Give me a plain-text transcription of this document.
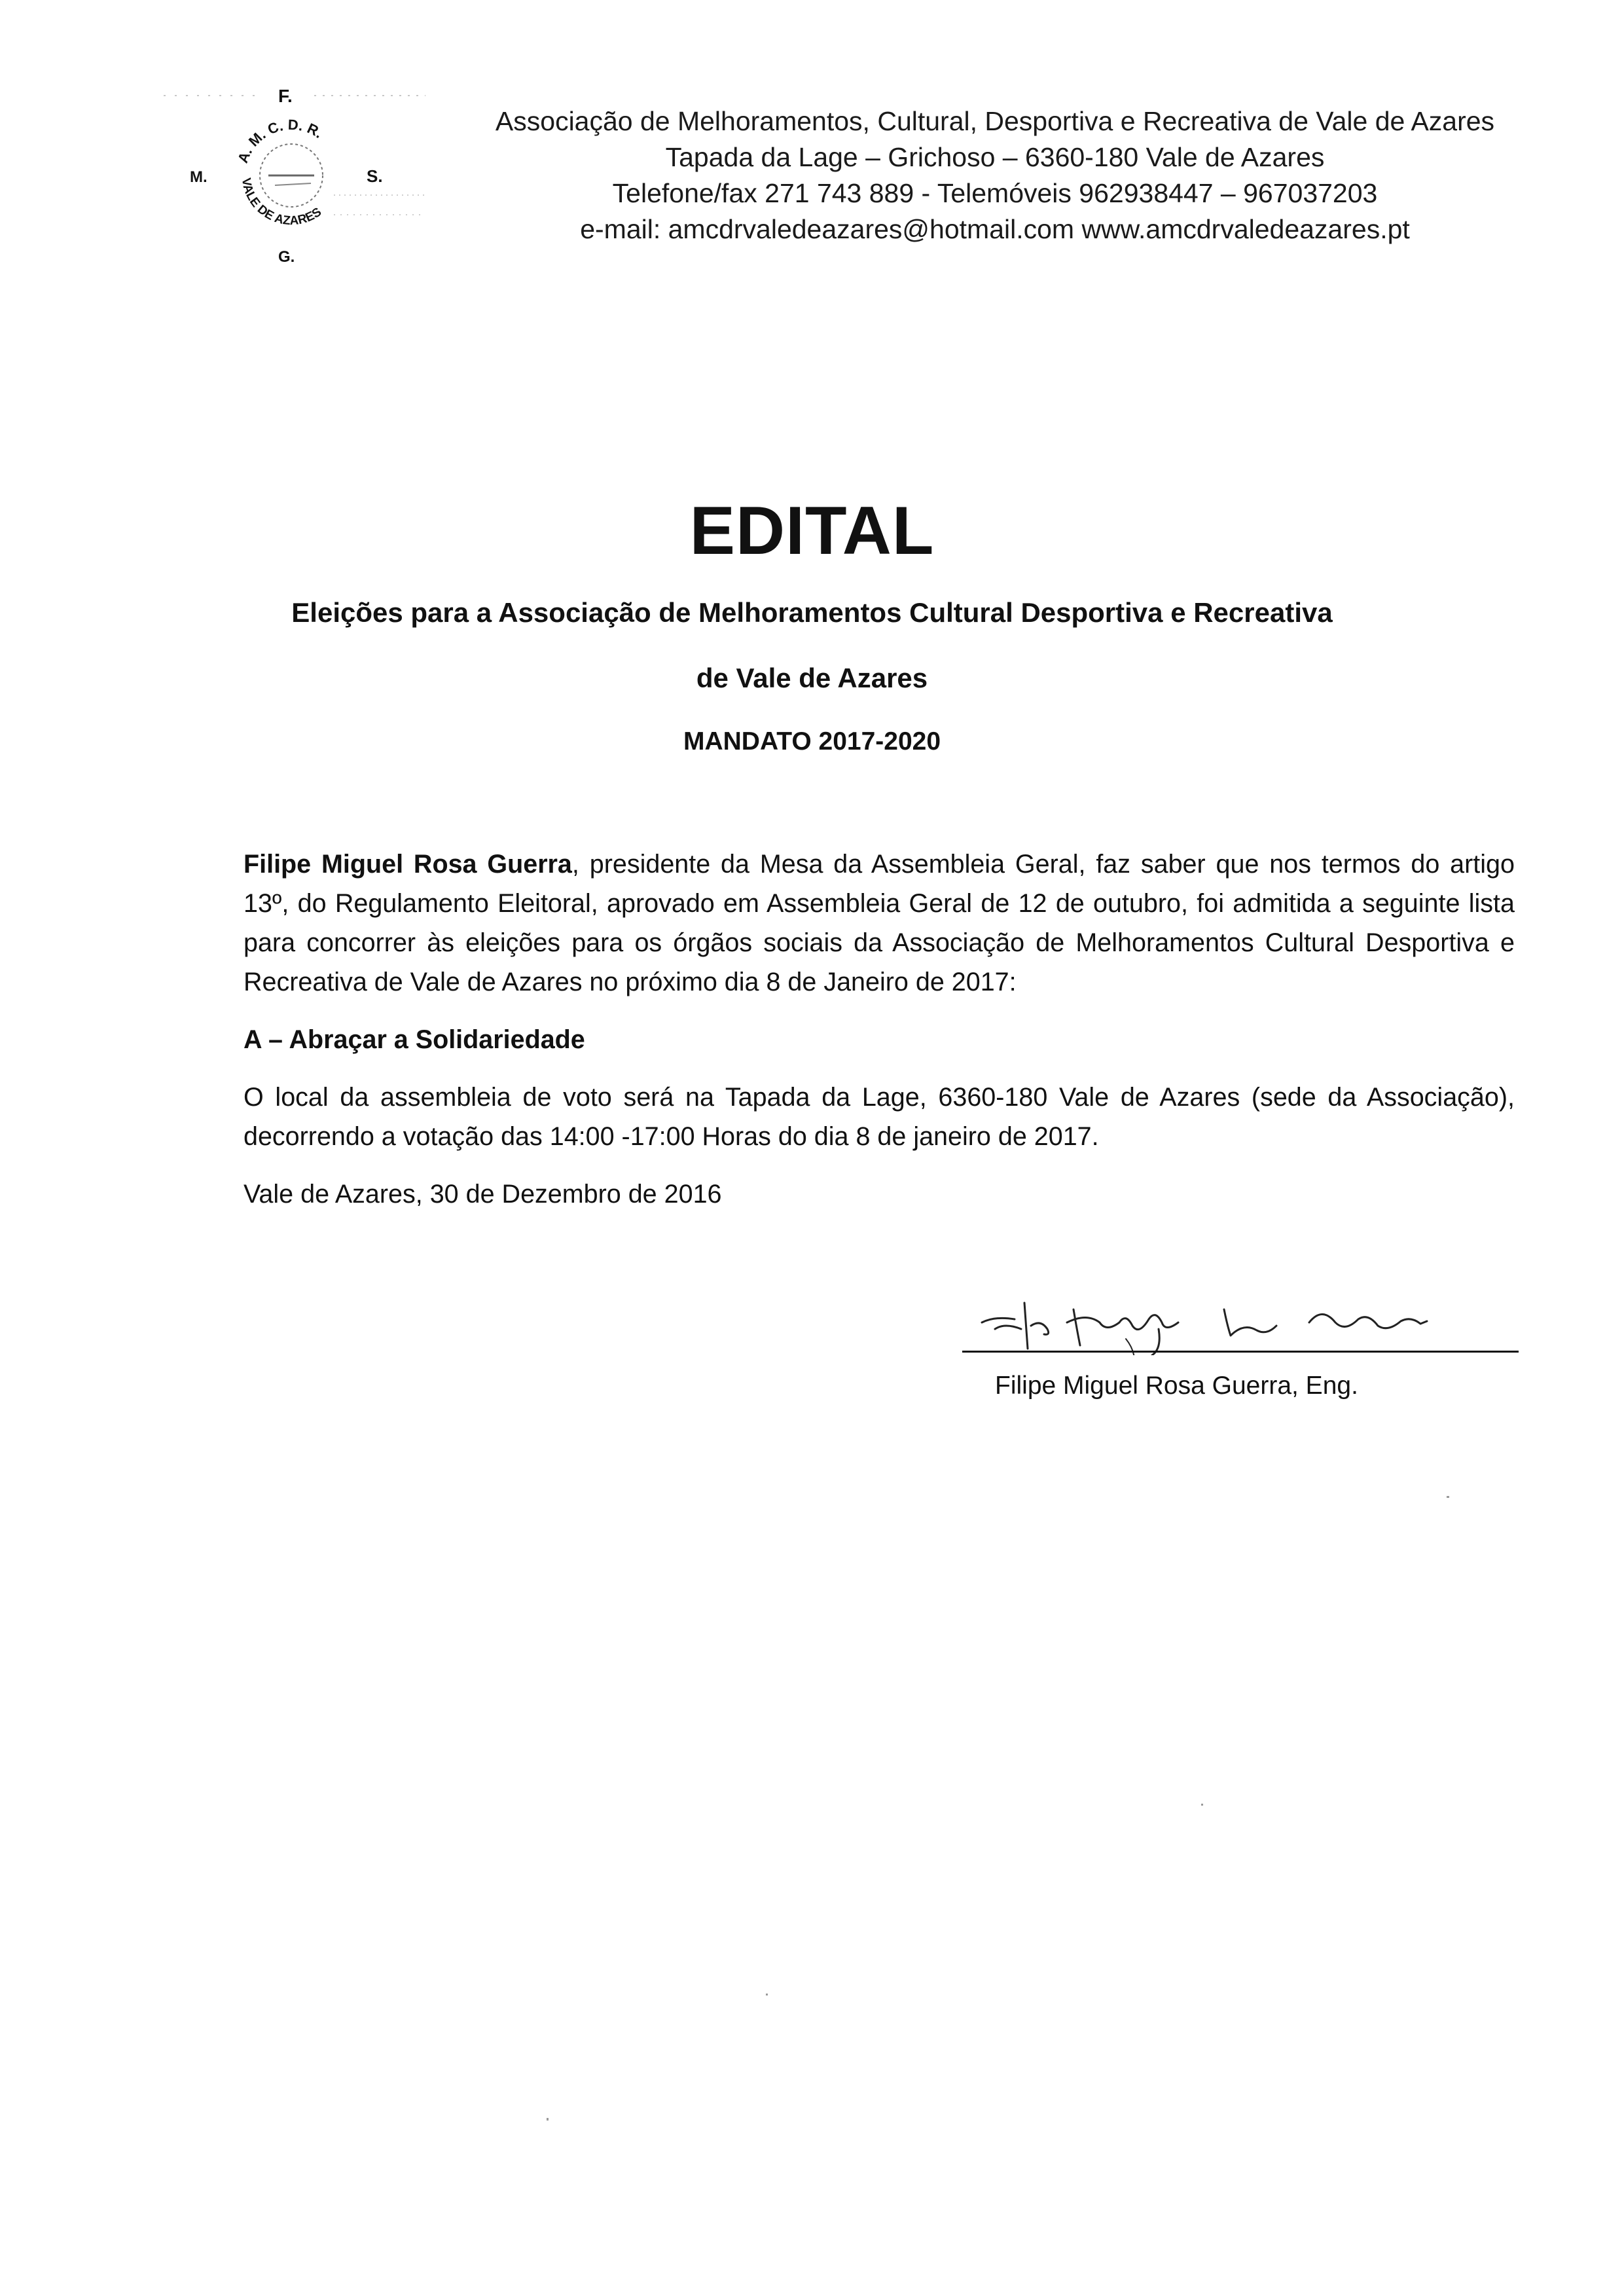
F.
M.	S.
G.
A. M. C. D. R.
VALE DE AZARES
Associação de Melhoramentos, Cultural, Desportiva e Recreativa de Vale de Azares
Tapada da Lage – Grichoso – 6360-180 Vale de Azares
Telefone/fax 271 743 889 - Telemóveis 962938447 – 967037203
e-mail: amcdrvaledeazares@hotmail.com www.amcdrvaledeazares.pt
EDITAL
Eleições para a Associação de Melhoramentos Cultural Desportiva e Recreativa
de Vale de Azares
MANDATO 2017-2020

Filipe Miguel Rosa Guerra, presidente da Mesa da Assembleia Geral, faz saber que nos termos do artigo 13º, do Regulamento Eleitoral, aprovado em Assembleia Geral de 12 de outubro, foi admitida a seguinte lista para concorrer às eleições para os órgãos sociais da Associação de Melhoramentos Cultural Desportiva e Recreativa de Vale de Azares no próximo dia 8 de Janeiro de 2017:

A – Abraçar a Solidariedade

O local da assembleia de voto será na Tapada da Lage, 6360-180 Vale de Azares (sede da Associação), decorrendo a votação das 14:00 -17:00 Horas do dia 8 de janeiro de 2017.

Vale de Azares, 30 de Dezembro de 2016

Filipe Miguel Rosa Guerra, Eng.
